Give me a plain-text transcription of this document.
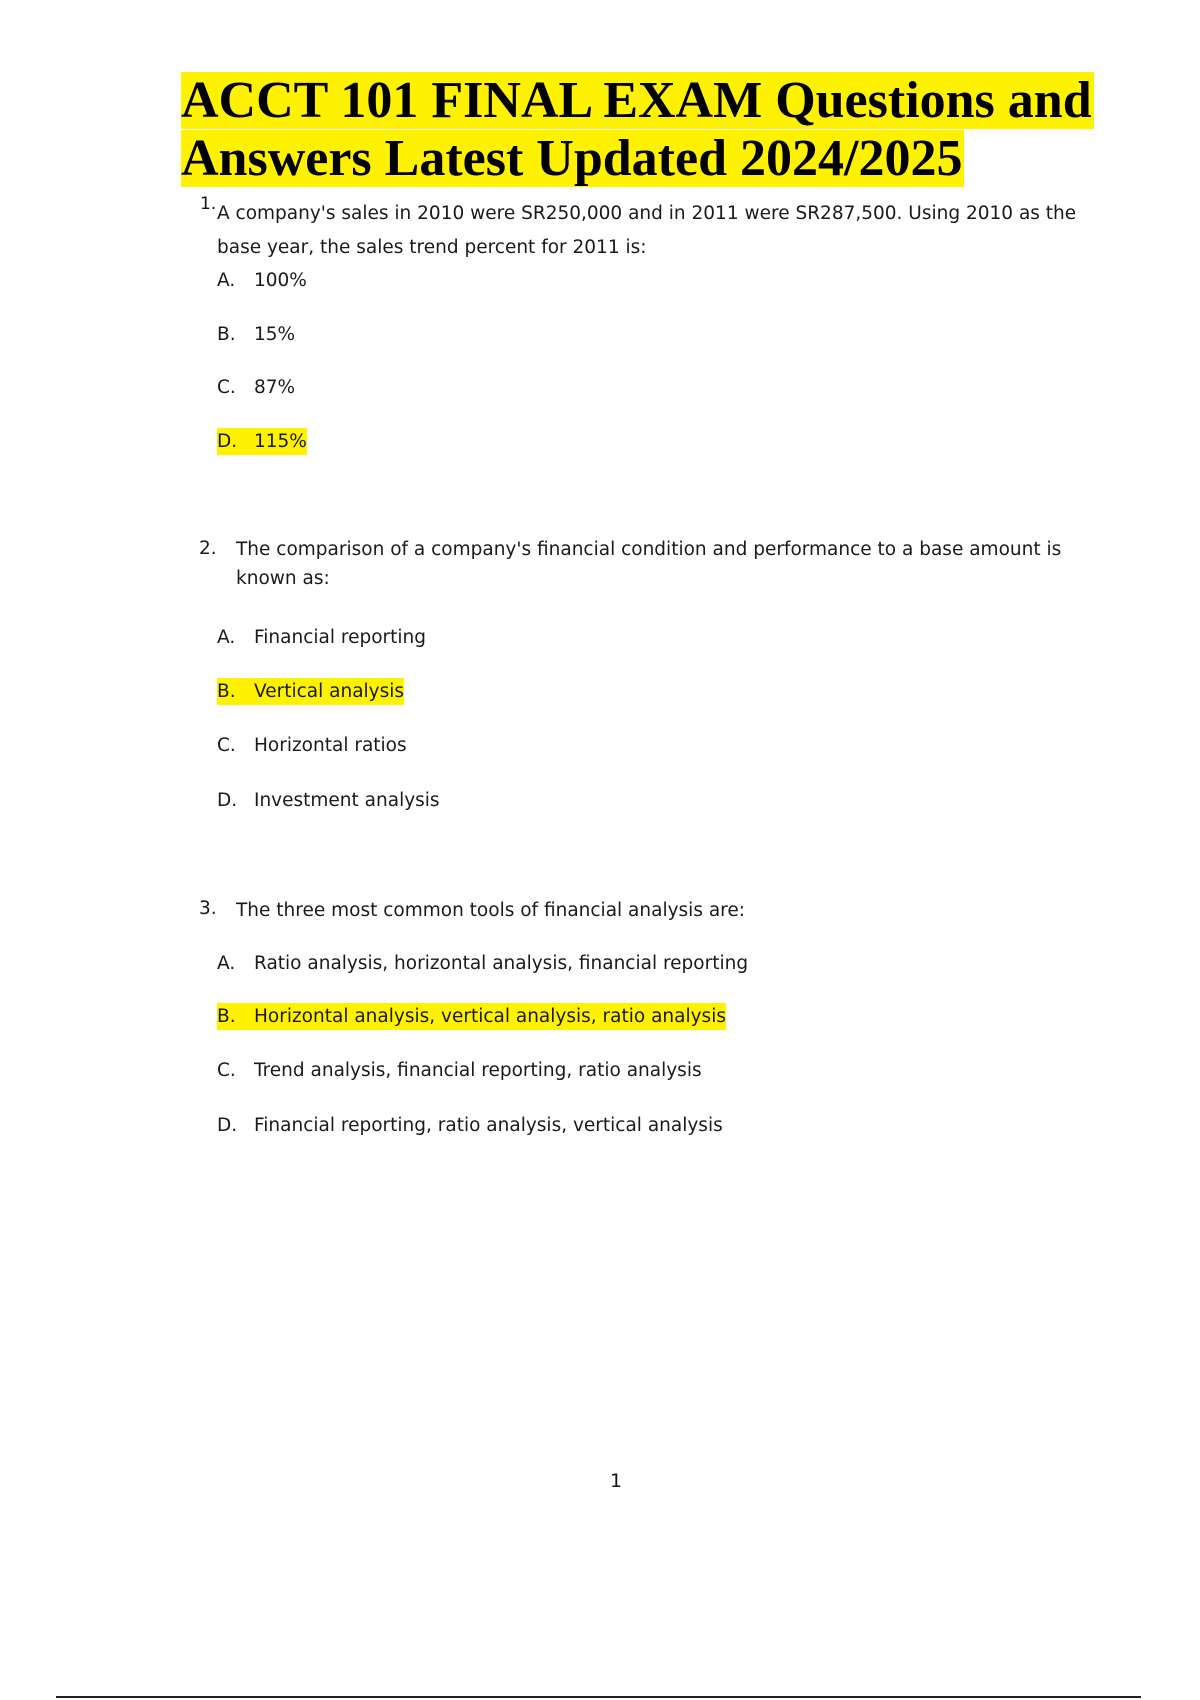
ACCT 101 FINAL EXAM Questions and
Answers Latest Updated 2024/2025
1. A company's sales in 2010 were SR250,000 and in 2011 were SR287,500. Using 2010 as the
base year, the sales trend percent for 2011 is:
A. 100%
B. 15%
C. 87%
D. 115%
2. The comparison of a company's financial condition and performance to a base amount is
known as:
A. Financial reporting
B. Vertical analysis
C. Horizontal ratios
D. Investment analysis
3. The three most common tools of financial analysis are:
A. Ratio analysis, horizontal analysis, financial reporting
B. Horizontal analysis, vertical analysis, ratio analysis
C. Trend analysis, financial reporting, ratio analysis
D. Financial reporting, ratio analysis, vertical analysis
1
